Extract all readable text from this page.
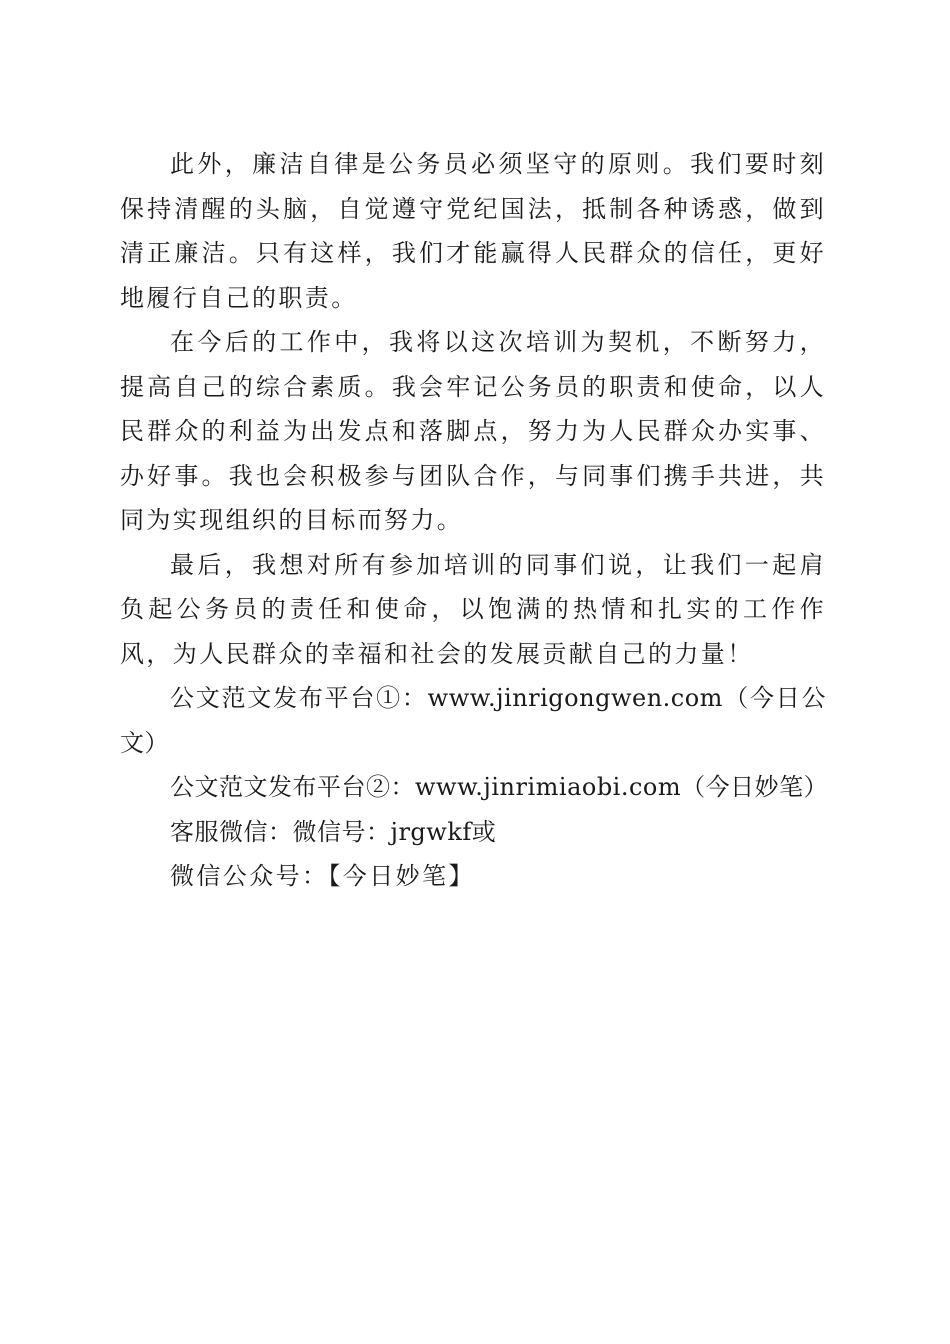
此外，廉洁自律是公务员必须坚守的原则。我们要时刻保持清醒的头脑，自觉遵守党纪国法，抵制各种诱惑，做到清正廉洁。只有这样，我们才能赢得人民群众的信任，更好地履行自己的职责。

在今后的工作中，我将以这次培训为契机，不断努力，提高自己的综合素质。我会牢记公务员的职责和使命，以人民群众的利益为出发点和落脚点，努力为人民群众办实事、办好事。我也会积极参与团队合作，与同事们携手共进，共同为实现组织的目标而努力。

最后，我想对所有参加培训的同事们说，让我们一起肩负起公务员的责任和使命，以饱满的热情和扎实的工作作风，为人民群众的幸福和社会的发展贡献自己的力量！

公文范文发布平台①：www.jinrigongwen.com（今日公文）

公文范文发布平台②：www.jinrimiaobi.com（今日妙笔）

客服微信：微信号：jrgwkf或

微信公众号：【今日妙笔】
